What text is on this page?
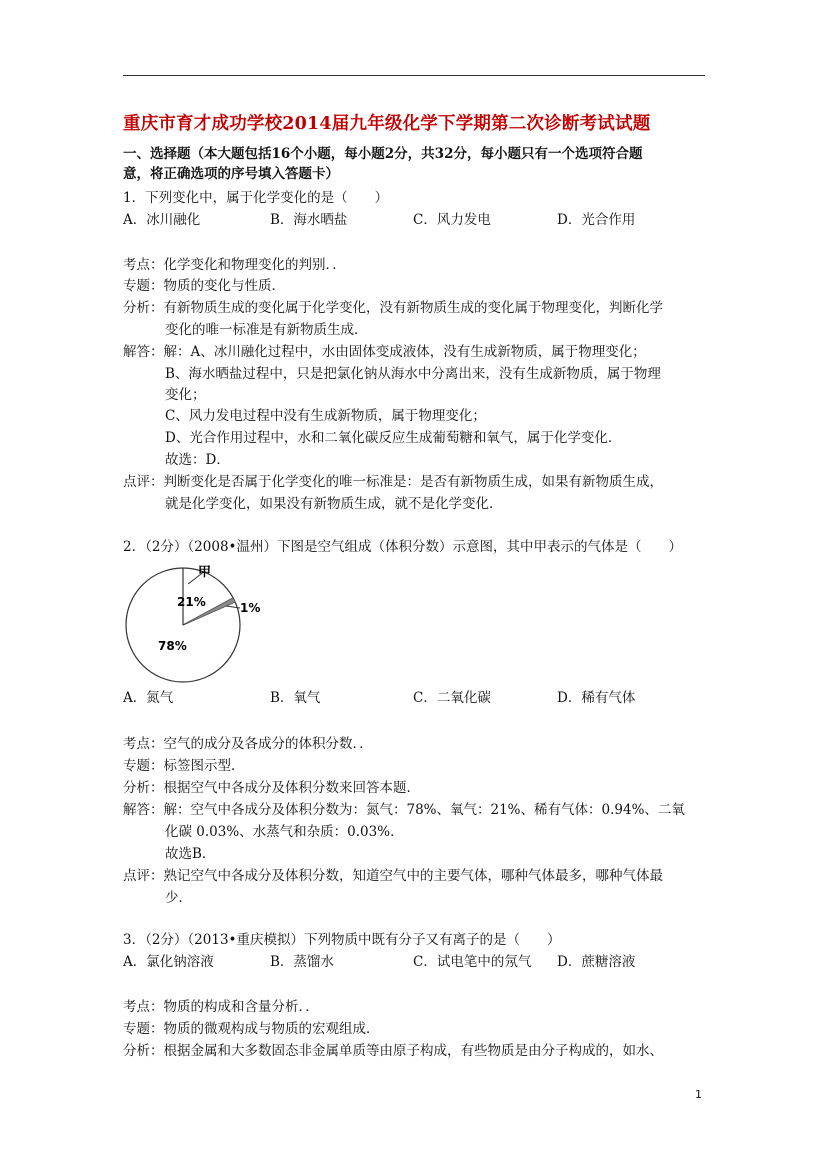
重庆市育才成功学校2014届九年级化学下学期第二次诊断考试试题
一、选择题（本大题包括16个小题，每小题2分，共32分，每小题只有一个选项符合题
意，将正确选项的序号填入答题卡）
1．下列变化中，属于化学变化的是（　　）
A．冰川融化	B．海水晒盐	C．风力发电	D．光合作用
考点：化学变化和物理变化的判别．．
专题：物质的变化与性质．
分析：有新物质生成的变化属于化学变化，没有新物质生成的变化属于物理变化，判断化学
变化的唯一标准是有新物质生成．
解答：解：A、冰川融化过程中，水由固体变成液体，没有生成新物质，属于物理变化；
B、海水晒盐过程中，只是把氯化钠从海水中分离出来，没有生成新物质，属于物理
变化；
C、风力发电过程中没有生成新物质，属于物理变化；
D、光合作用过程中，水和二氧化碳反应生成葡萄糖和氧气，属于化学变化．
故选：D．
点评：判断变化是否属于化学变化的唯一标准是：是否有新物质生成，如果有新物质生成，
就是化学变化，如果没有新物质生成，就不是化学变化．
2．（2分）（2008•温州）下图是空气组成（体积分数）示意图，其中甲表示的气体是（　　）
甲
21%	1%
78%
A．氮气	B．氧气	C．二氧化碳	D．稀有气体
考点：空气的成分及各成分的体积分数．．
专题：标签图示型．
分析：根据空气中各成分及体积分数来回答本题．
解答：解：空气中各成分及体积分数为：氮气：78%、氧气：21%、稀有气体：0.94%、二氧
化碳 0.03%、水蒸气和杂质：0.03%．
故选B．
点评：熟记空气中各成分及体积分数，知道空气中的主要气体，哪种气体最多，哪种气体最
少．
3．（2分）（2013•重庆模拟）下列物质中既有分子又有离子的是（　　）
A．氯化钠溶液	B．蒸馏水	C．试电笔中的氖气 D．蔗糖溶液
考点：物质的构成和含量分析．．
专题：物质的微观构成与物质的宏观组成．
分析：根据金属和大多数固态非金属单质等由原子构成，有些物质是由分子构成的，如水、
1
